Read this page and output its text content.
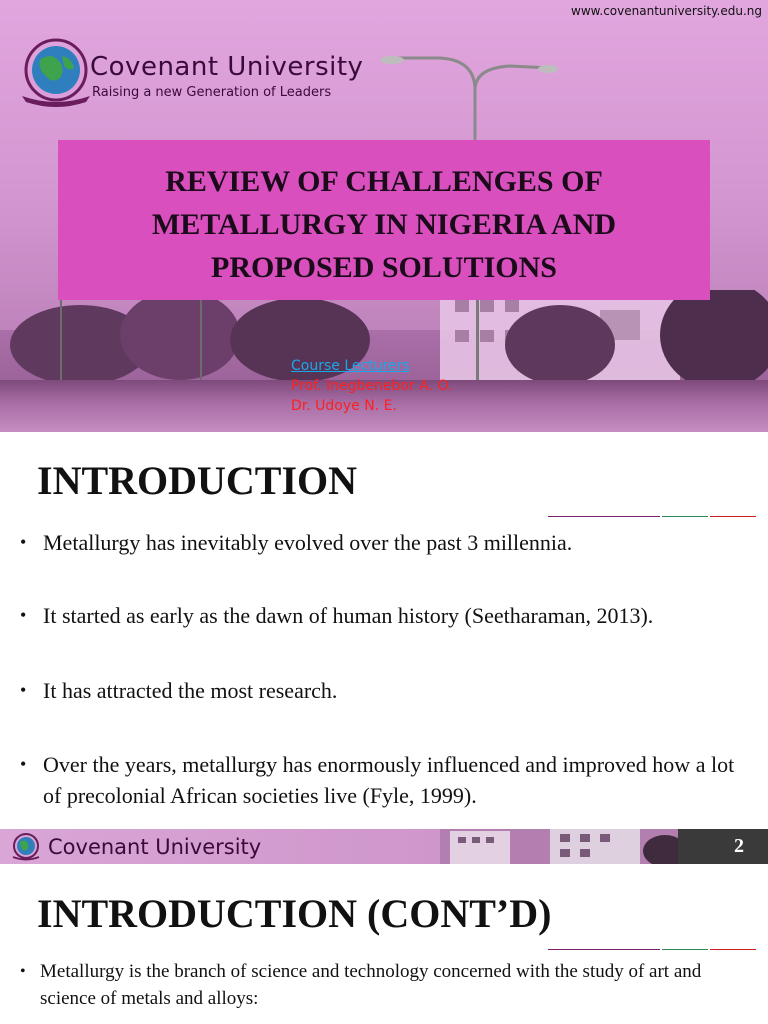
www.covenantuniversity.edu.ng
Covenant University
Raising a new Generation of Leaders
REVIEW OF CHALLENGES OF
METALLURGY IN NIGERIA AND
PROPOSED SOLUTIONS
Course Lecturers
Prof. Inegbenebor A. O.
Dr. Udoye N. E.
INTRODUCTION
• Metallurgy has inevitably evolved over the past 3 millennia.
• It started as early as the dawn of human history (Seetharaman, 2013).
• It has attracted the most research.
• Over the years, metallurgy has enormously influenced and improved how a lot of precolonial African societies live (Fyle, 1999).
Covenant University	2
INTRODUCTION (CONT’D)
• Metallurgy is the branch of science and technology concerned with the study of art and science of metals and alloys:
